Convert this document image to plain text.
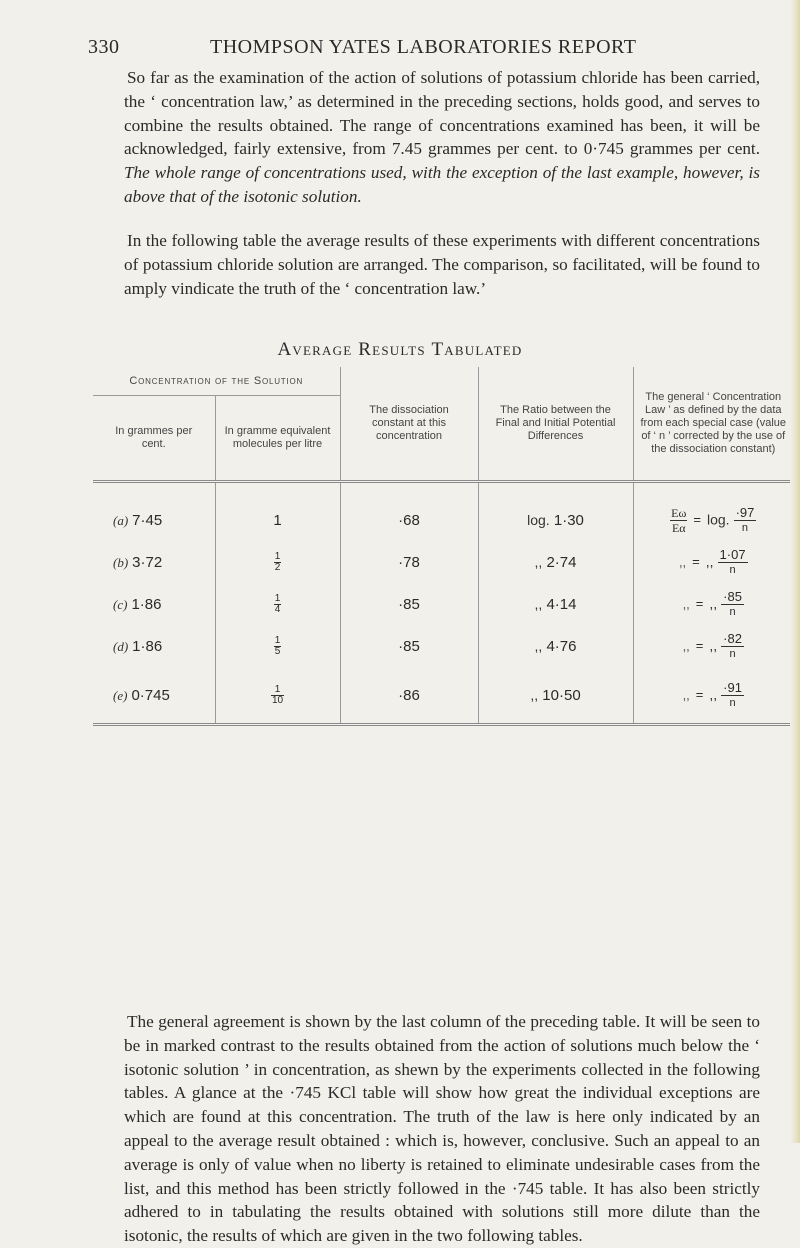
330	THOMPSON YATES LABORATORIES REPORT

So far as the examination of the action of solutions of potassium chloride has been carried, the ‘ concentration law,’ as determined in the preceding sections, holds good, and serves to combine the results obtained. The range of concentrations examined has been, it will be acknowledged, fairly extensive, from 7.45 grammes per cent. to 0·745 grammes per cent. The whole range of concentrations used, with the exception of the last example, however, is above that of the isotonic solution.

In the following table the average results of these experiments with different concentrations of potassium chloride solution are arranged. The comparison, so facilitated, will be found to amply vindicate the truth of the ‘ concentration law.’

Average Results Tabulated
Concentration of the Solution		The dissociation constant at this concentration	The Ratio between the Final and Initial Potential Differences	The general ‘ Concentration Law ’ as defined by the data from each special case (value of ‘ n ’ corrected by the use of the dissociation constant)
In grammes per cent.	In gramme equivalent molecules per litre			
(a) 7·45	1	·68	log. 1·30	$\frac{E\omega}{E\alpha} = \log$. $\frac{\cdot 97}{n}$

(b) 3·72	$\frac{1}{2}$	·78	,, 2·74	,, = ,, $\frac{1\cdot 07}{n}$

(c) 1·86	$\frac{1}{4}$	·85	,, 4·14	,, = ,, $\frac{\cdot 85}{n}$

(d) 1·86	$\frac{1}{5}$	·85	,, 4·76	,, = ,, $\frac{\cdot 82}{n}$

(e) 0·745	$\frac{1}{10}$	·86	,, 10·50	,, = ,, $\frac{\cdot 91}{n}$

The general agreement is shown by the last column of the preceding table. It will be seen to be in marked contrast to the results obtained from the action of solutions much below the ‘ isotonic solution ’ in concentration, as shewn by the experiments collected in the following tables. A glance at the ·745 KCl table will show how great the individual exceptions are which are found at this concentration. The truth of the law is here only indicated by an appeal to the average result obtained : which is, however, conclusive. Such an appeal to an average is only of value when no liberty is retained to eliminate undesirable cases from the list, and this method has been strictly followed in the ·745 table. It has also been strictly adhered to in tabulating the results obtained with solutions still more dilute than the isotonic, the results of which are given in the two following tables.
